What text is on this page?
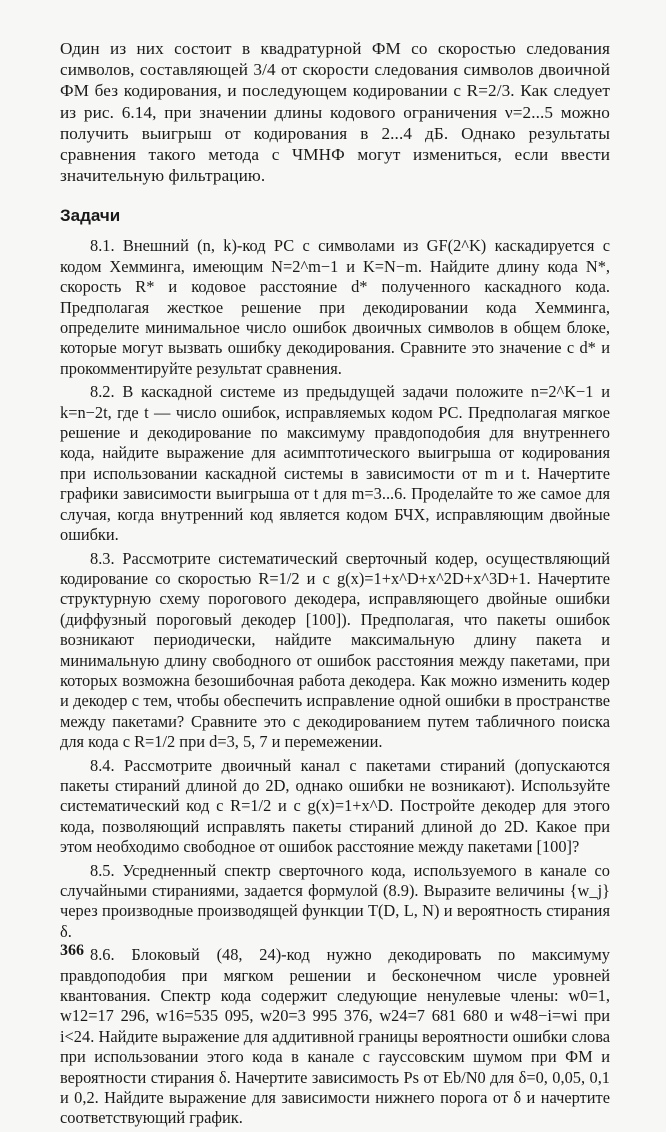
Один из них состоит в квадратурной ФМ со скоростью следования символов, составляющей 3/4 от скорости следования символов двоичной ФМ без кодирования, и последующем кодировании с R=2/3. Как следует из рис. 6.14, при значении длины кодового ограничения ν=2...5 можно получить выигрыш от кодирования в 2...4 дБ. Однако результаты сравнения такого метода с ЧМНФ могут измениться, если ввести значительную фильтрацию.

Задачи

8.1. Внешний (n, k)-код РС с символами из GF(2^K) каскадируется с кодом Хемминга, имеющим N=2^m−1 и K=N−m. Найдите длину кода N*, скорость R* и кодовое расстояние d* полученного каскадного кода. Предполагая жесткое решение при декодировании кода Хемминга, определите минимальное число ошибок двоичных символов в общем блоке, которые могут вызвать ошибку декодирования. Сравните это значение с d* и прокомментируйте результат сравнения.

8.2. В каскадной системе из предыдущей задачи положите n=2^K−1 и k=n−2t, где t — число ошибок, исправляемых кодом РС. Предполагая мягкое решение и декодирование по максимуму правдоподобия для внутреннего кода, найдите выражение для асимптотического выигрыша от кодирования при использовании каскадной системы в зависимости от m и t. Начертите графики зависимости выигрыша от t для m=3...6. Проделайте то же самое для случая, когда внутренний код является кодом БЧХ, исправляющим двойные ошибки.

8.3. Рассмотрите систематический сверточный кодер, осуществляющий кодирование со скоростью R=1/2 и с g(x)=1+x^D+x^2D+x^3D+1. Начертите структурную схему порогового декодера, исправляющего двойные ошибки (диффузный пороговый декодер [100]). Предполагая, что пакеты ошибок возникают периодически, найдите максимальную длину пакета и минимальную длину свободного от ошибок расстояния между пакетами, при которых возможна безошибочная работа декодера. Как можно изменить кодер и декодер с тем, чтобы обеспечить исправление одной ошибки в пространстве между пакетами? Сравните это с декодированием путем табличного поиска для кода с R=1/2 при d=3, 5, 7 и перемежении.

8.4. Рассмотрите двоичный канал с пакетами стираний (допускаются пакеты стираний длиной до 2D, однако ошибки не возникают). Используйте систематический код с R=1/2 и с g(x)=1+x^D. Постройте декодер для этого кода, позволяющий исправлять пакеты стираний длиной до 2D. Какое при этом необходимо свободное от ошибок расстояние между пакетами [100]?

8.5. Усредненный спектр сверточного кода, используемого в канале со случайными стираниями, задается формулой (8.9). Выразите величины {w_j} через производные производящей функции T(D, L, N) и вероятность стирания δ.

8.6. Блоковый (48, 24)-код нужно декодировать по максимуму правдоподобия при мягком решении и бесконечном числе уровней квантования. Спектр кода содержит следующие ненулевые члены: w0=1, w12=17 296, w16=535 095, w20=3 995 376, w24=7 681 680 и w48−i=wi при i<24. Найдите выражение для аддитивной границы вероятности ошибки слова при использовании этого кода в канале с гауссовским шумом при ФМ и вероятности стирания δ. Начертите зависимость Ps от Eb/N0 для δ=0, 0,05, 0,1 и 0,2. Найдите выражение для зависимости нижнего порога от δ и начертите соответствующий график.

366
